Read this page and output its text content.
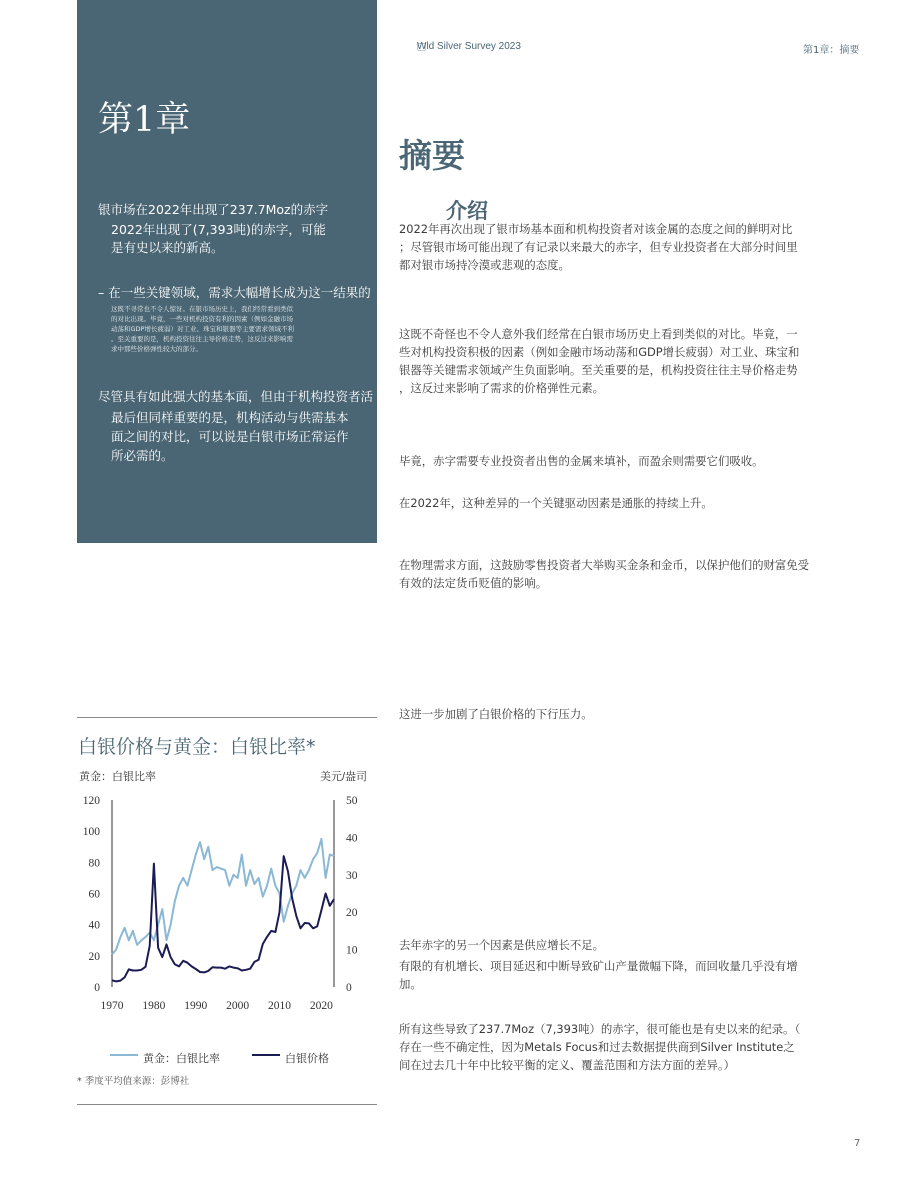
第1章
银市场在2022年出现了237.7Moz的赤字
2022年出现了(7,393吨)的赤字，可能
是有史以来的新高。
– 在一些关键领域，需求大幅增长成为这一结果的
这既不寻常也不令人惊讶。在银市场历史上，我们经常看到类似
的对比出现。毕竟，一些对机构投资有利的因素（例如金融市场
动荡和GDP增长疲弱）对工业、珠宝和银器等主要需求领域不利
。至关重要的是，机构投资往往主导价格走势，这反过来影响需
求中那些价格弹性较大的部分。
尽管具有如此强大的基本面，但由于机构投资者活
最后但同样重要的是，机构活动与供需基本
面之间的对比，可以说是白银市场正常运作
所必需的。
Wld Silver Survey 2023	第1章：摘要
摘要
介绍
2022年再次出现了银市场基本面和机构投资者对该金属的态度之间的鲜明对比
；尽管银市场可能出现了有记录以来最大的赤字，但专业投资者在大部分时间里
都对银市场持冷漠或悲观的态度。
这既不奇怪也不令人意外我们经常在白银市场历史上看到类似的对比。毕竟，一
些对机构投资积极的因素（例如金融市场动荡和GDP增长疲弱）对工业、珠宝和
银器等关键需求领域产生负面影响。至关重要的是，机构投资往往主导价格走势
，这反过来影响了需求的价格弹性元素。
毕竟，赤字需要专业投资者出售的金属来填补，而盈余则需要它们吸收。
在2022年，这种差异的一个关键驱动因素是通胀的持续上升。
在物理需求方面，这鼓励零售投资者大举购买金条和金币，以保护他们的财富免受
有效的法定货币贬值的影响。
这进一步加剧了白银价格的下行压力。
去年赤字的另一个因素是供应增长不足。
有限的有机增长、项目延迟和中断导致矿山产量微幅下降，而回收量几乎没有增
加。
所有这些导致了237.7Moz（7,393吨）的赤字，很可能也是有史以来的纪录。（
存在一些不确定性，因为Metals Focus和过去数据提供商到Silver Institute之
间在过去几十年中比较平衡的定义、覆盖范围和方法方面的差异。）
白银价格与黄金：白银比率*
黄金：白银比率	美元/盎司
120
100
80
60
40
20
0
50
40
30
20
10
0
1970 1980 1990 2000 2010 2020
黄金：白银比率	白银价格
* 季度平均值来源：彭博社
7
